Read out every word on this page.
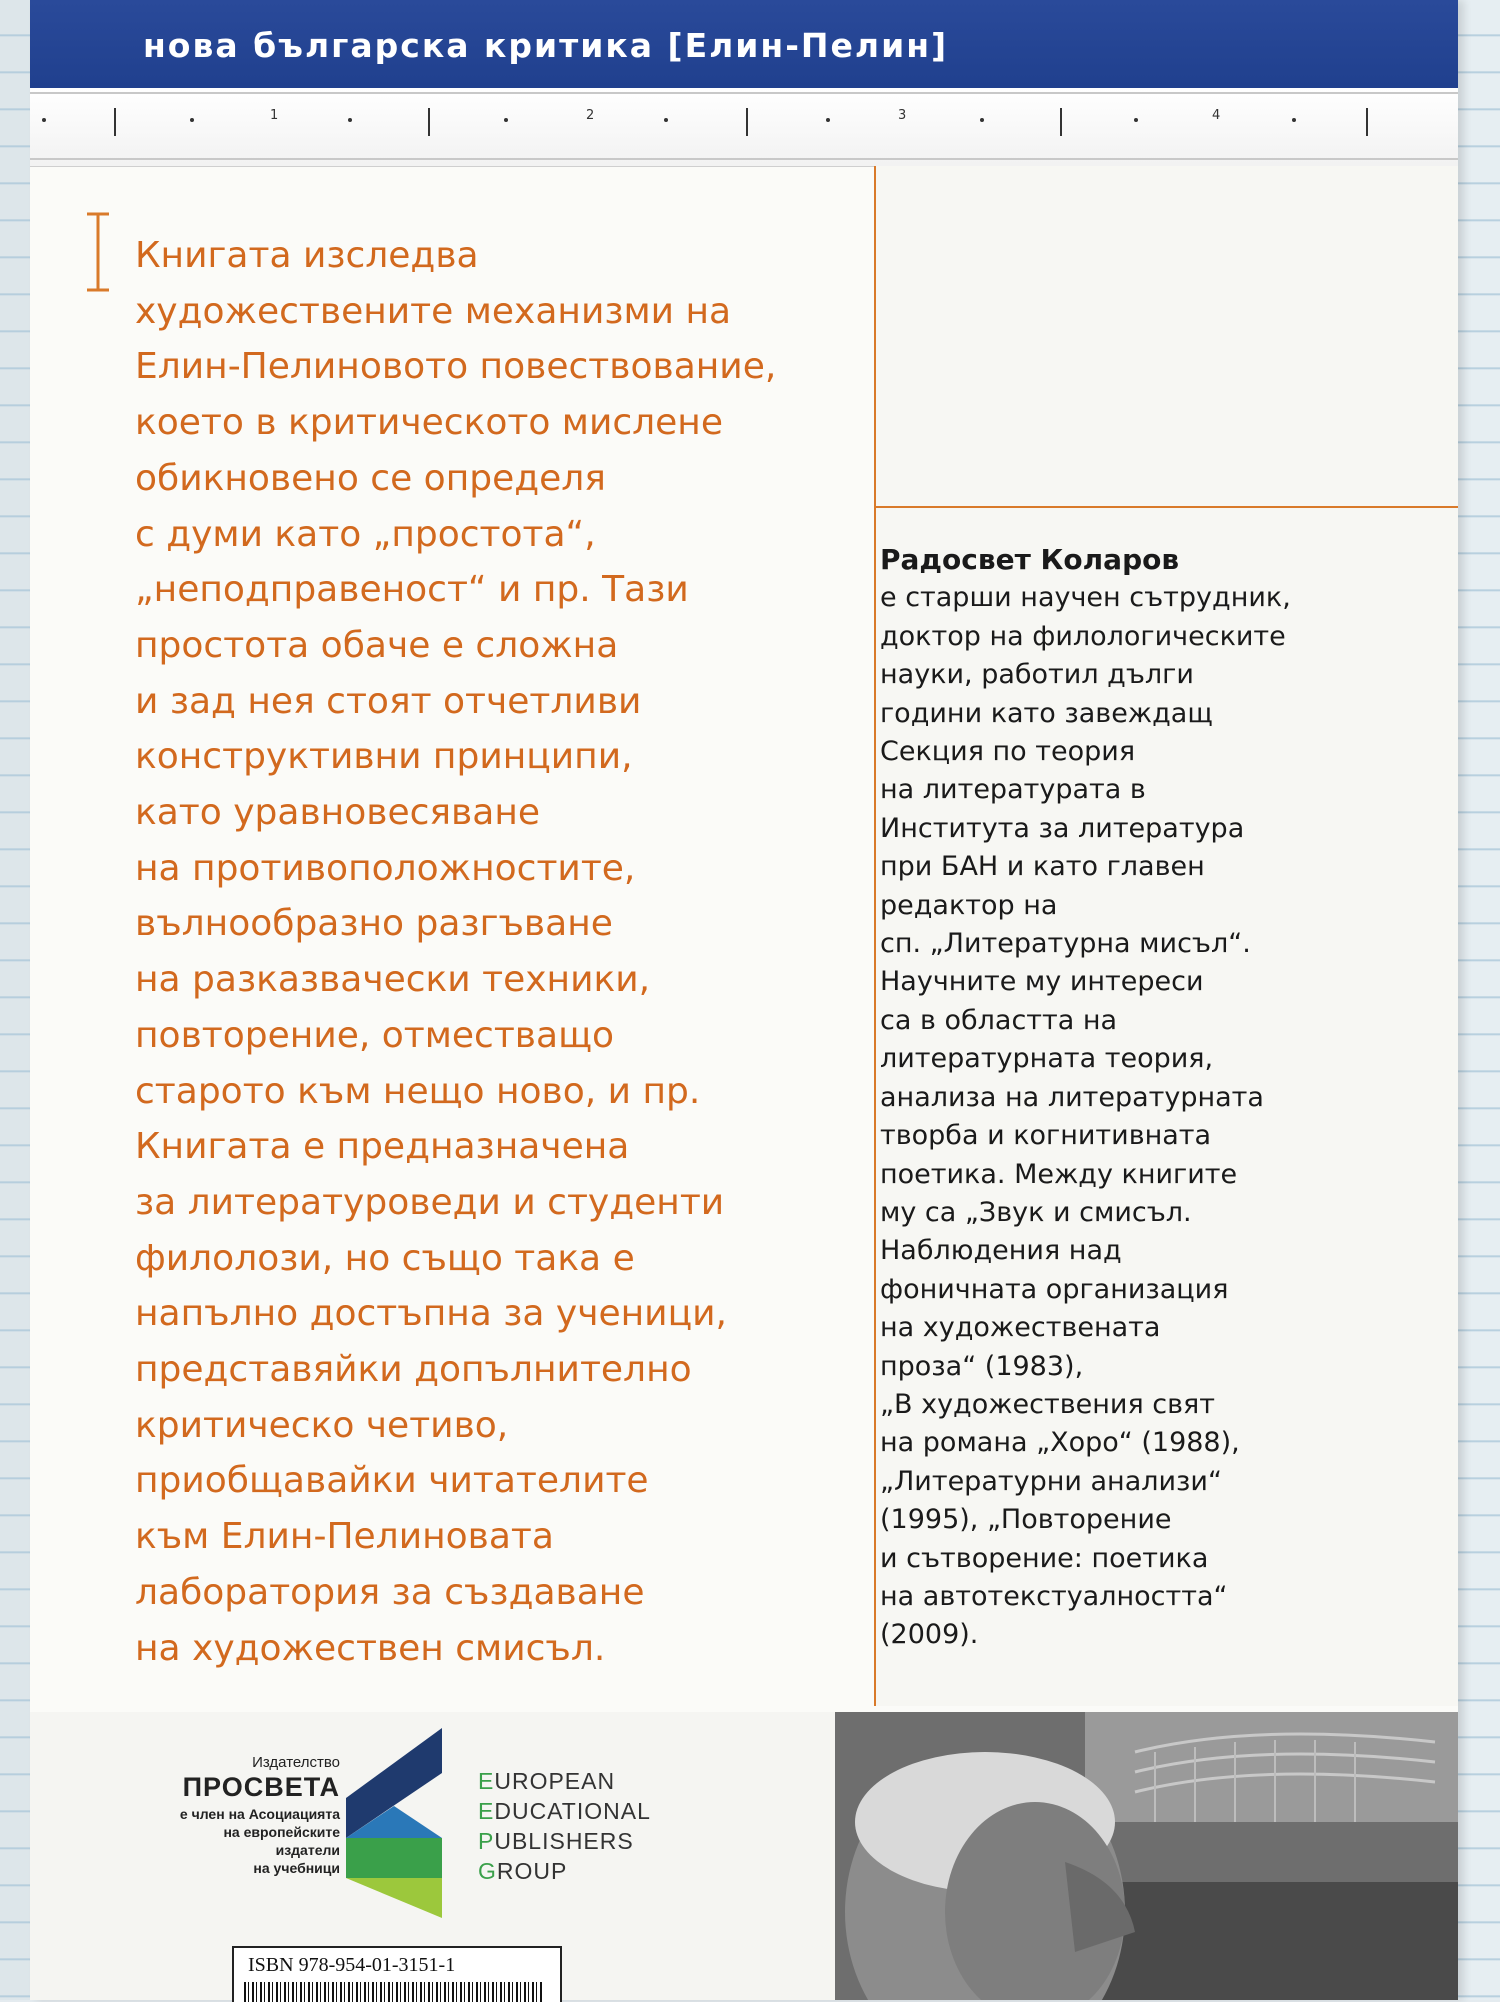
нова българска критика [Елин-Пелин]
1	2	3	4
Книгата изследва
художествените механизми на
Елин-Пелиновото повествование,
което в критическото мислене
обикновено се определя
с думи като „простота“,
„неподправеност“ и пр. Тази
простота обаче е сложна
и зад нея стоят отчетливи
конструктивни принципи,
като уравновесяване
на противоположностите,
вълнообразно разгъване
на разказвачески техники,
повторение, отместващо
старото към нещо ново, и пр.
Книгата е предназначена
за литературоведи и студенти
филолози, но също така е
напълно достъпна за ученици,
представяйки допълнително
критическо четиво,
приобщавайки читателите
към Елин-Пелиновата
лаборатория за създаване
на художествен смисъл.
Радосвет Коларов
е старши научен сътрудник,
доктор на филологическите
науки, работил дълги
години като завеждащ
Секция по теория
на литературата в
Института за литература
при БАН и като главен
редактор на
сп. „Литературна мисъл“.
Научните му интереси
са в областта на
литературната теория,
анализа на литературната
творба и когнитивната
поетика. Между книгите
му са „Звук и смисъл.
Наблюдения над
фоничната организация
на художествената
проза“ (1983),
„В художествения свят
на романа „Хоро“ (1988),
„Литературни анализи“
(1995), „Повторение
и сътворение: поетика
на автотекстуалността“
(2009).
Издателство
ПРОСВЕТА
е член на Асоциацията
на европейските
издатели
на учебници
EUROPEAN
EDUCATIONAL
PUBLISHERS
GROUP
ISBN 978-954-01-3151-1
